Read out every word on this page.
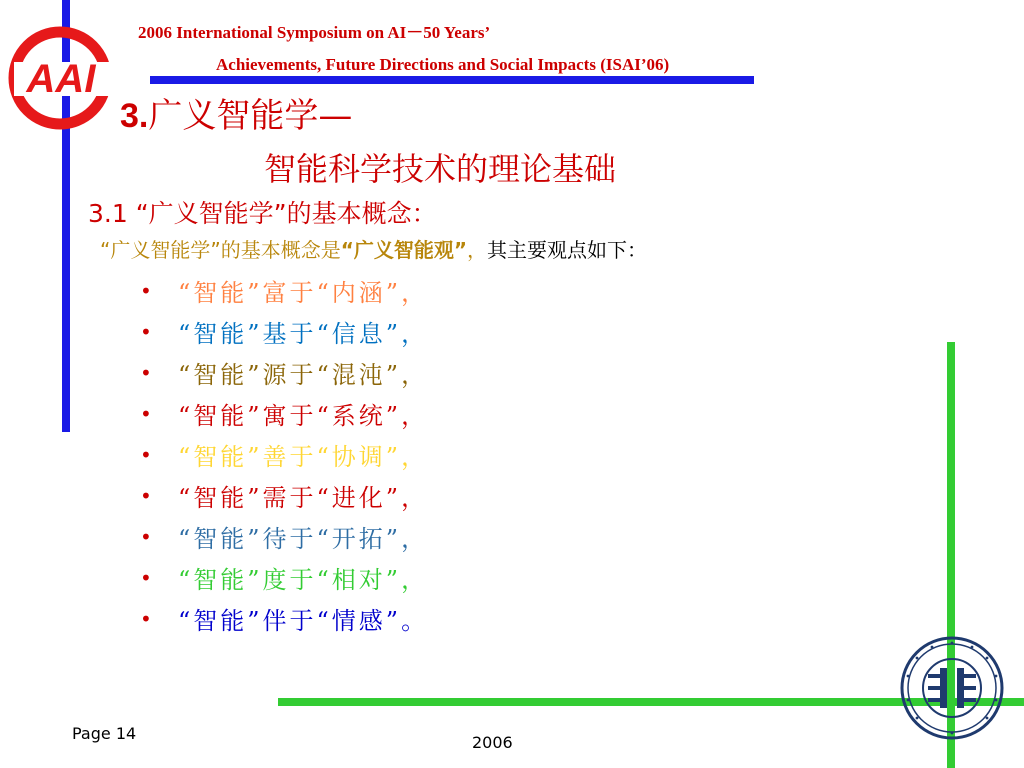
2006 International Symposium on AI－50 Years’
Achievements, Future Directions and Social Impacts (ISAI’06)
AAI
3.广义智能学—
智能科学技术的理论基础
3.1 “广义智能学”的基本概念：
“广义智能学”的基本概念是“广义智能观”，其主要观点如下：
•	“智能”富于“内涵”，
•	“智能”基于“信息”，
•	“智能”源于“混沌”，
•	“智能”寓于“系统”，
•	“智能”善于“协调”，
•	“智能”需于“进化”，
•	“智能”待于“开拓”，
•	“智能”度于“相对”，
•	“智能”伴于“情感”。
Page 14	2006
